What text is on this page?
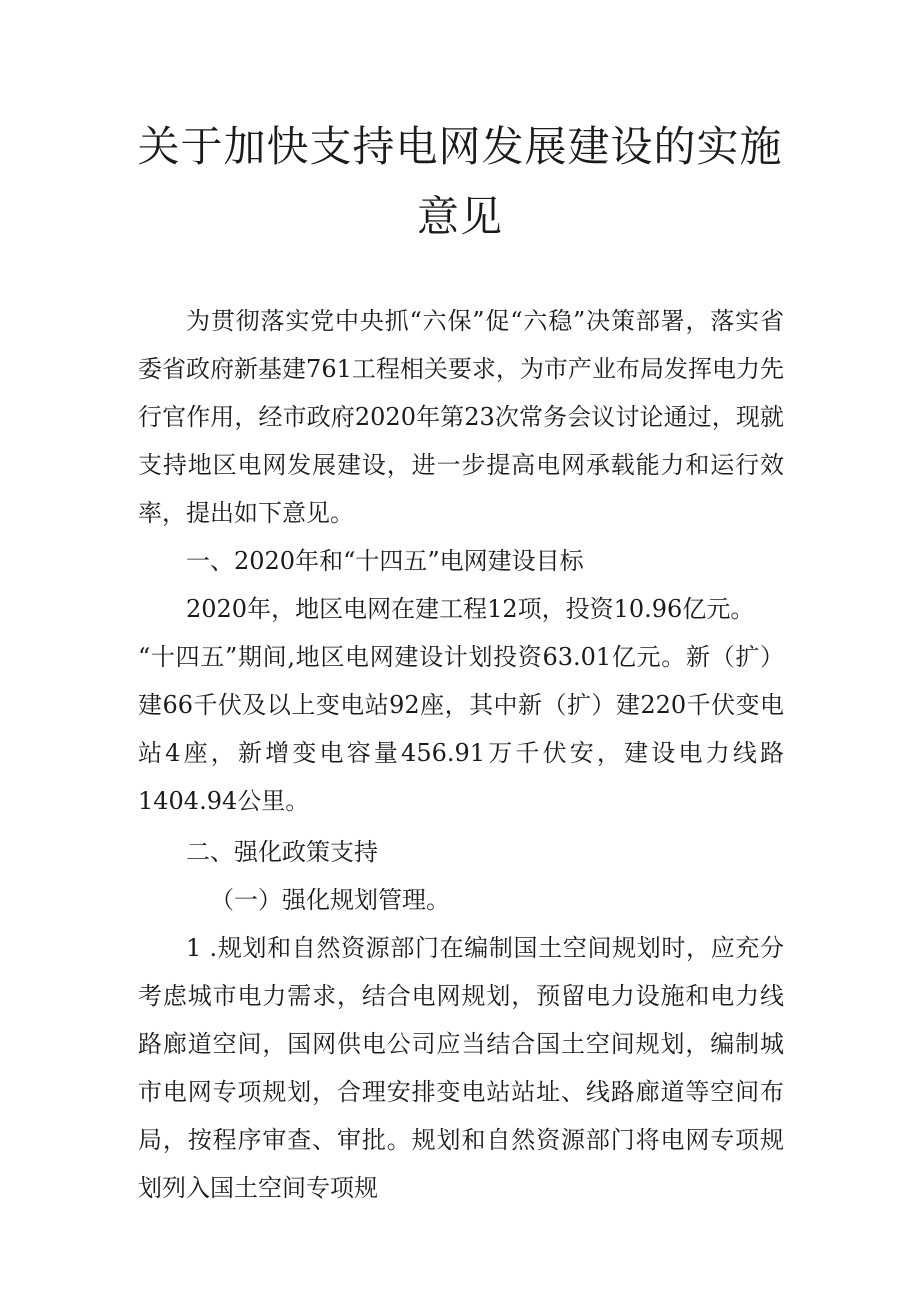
关于加快支持电网发展建设的实施
意见

为贯彻落实党中央抓“六保”促“六稳”决策部署，落实省委省政府新基建761工程相关要求，为市产业布局发挥电力先行官作用，经市政府2020年第23次常务会议讨论通过，现就支持地区电网发展建设，进一步提高电网承载能力和运行效率，提出如下意见。

一、2020年和“十四五”电网建设目标

2020年，地区电网在建工程12项，投资10.96亿元。

“十四五”期间,地区电网建设计划投资63.01亿元。新（扩）建66千伏及以上变电站92座，其中新（扩）建220千伏变电站4座，新增变电容量456.91万千伏安，建设电力线路1404.94公里。

二、强化政策支持

（一）强化规划管理。

1 .规划和自然资源部门在编制国土空间规划时，应充分考虑城市电力需求，结合电网规划，预留电力设施和电力线路廊道空间，国网供电公司应当结合国土空间规划，编制城市电网专项规划，合理安排变电站站址、线路廊道等空间布局，按程序审查、审批。规划和自然资源部门将电网专项规划列入国土空间专项规
